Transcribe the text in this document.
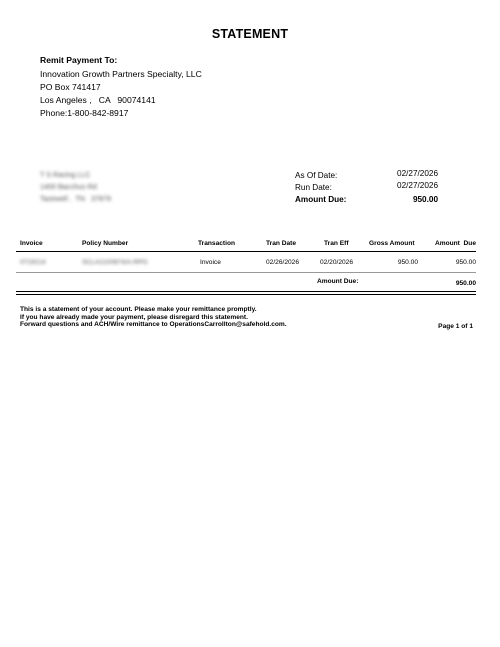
STATEMENT
Remit Payment To:
Innovation Growth Partners Specialty, LLC
PO Box 741417
Los Angeles ,   CA   90074141
Phone:1-800-842-8917
T S Racing LLC
1400 Bacchus Rd
Tazewell ,  TN   37879
As Of Date:	02/27/2026
Run Date:	02/27/2026
Amount Due:	950.00
Invoice	Policy Number	Transaction	Tran Date	Tran Eff	Gross Amount	Amount  Due
0719214	SCLA2100874/A-RPG	Invoice	02/26/2026	02/20/2026	950.00	950.00
Amount Due:	950.00
This is a statement of your account. Please make your remittance promptly.
If you have already made your payment, please disregard this statement.
Forward questions and ACH/Wire remittance to OperationsCarrollton@safehold.com.	Page 1 of 1
